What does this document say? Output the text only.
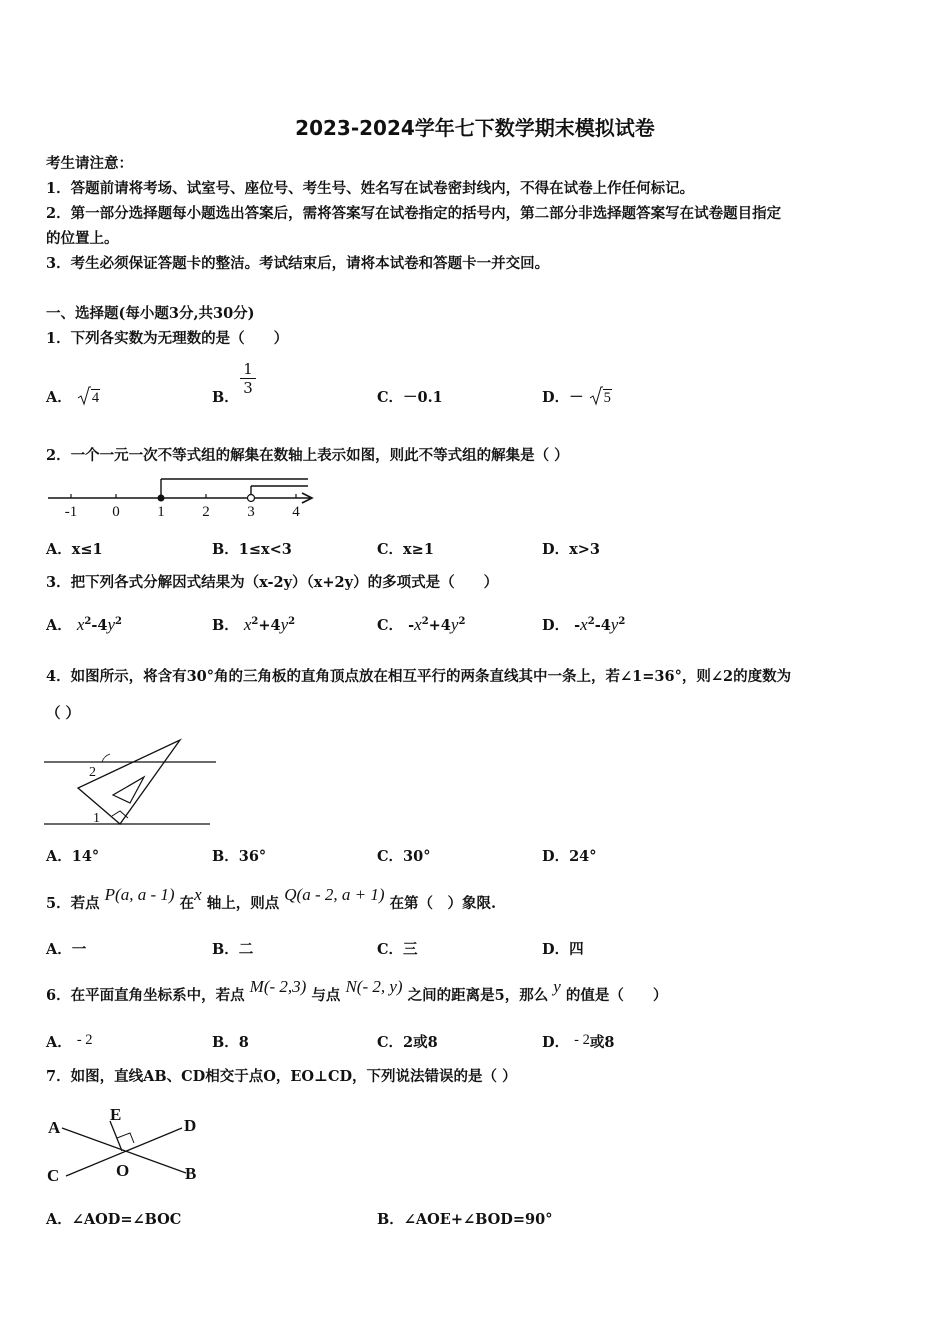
2023-2024学年七下数学期末模拟试卷
考生请注意：
1．答题前请将考场、试室号、座位号、考生号、姓名写在试卷密封线内，不得在试卷上作任何标记。
2．第一部分选择题每小题选出答案后，需将答案写在试卷指定的括号内，第二部分非选择题答案写在试卷题目指定
的位置上。
3．考生必须保证答题卡的整洁。考试结束后，请将本试卷和答题卡一并交回。
一、选择题(每小题3分,共30分)
1．下列各实数为无理数的是（　　）
A． 4	B．
$\frac{1}{3}$
C．－0.1	D．－ 5
2．一个一元一次不等式组的解集在数轴上表示如图，则此不等式组的解集是（ ）
-1 0	1	2	3	4
A．x≤1	B．1≤x<3	C．x≥1	D．x>3
3．把下列各式分解因式结果为（x-2y）（x+2y）的多项式是（　　）
A． $x^2-4y^2$	B． $x^2+4y^2$	C． $-x^2+4y^2$	D． $-x^2-4y^2$
4．如图所示，将含有30°角的三角板的直角顶点放在相互平行的两条直线其中一条上，若∠1=36°，则∠2的度数为
（ ）
2
1
A．14°	B．36°	C．30°	D．24°
5．若点 P(a, a - 1) 在x 轴上，则点 Q(a - 2, a + 1) 在第（　）象限.
A．一	B．二	C．三	D．四
6．在平面直角坐标系中，若点 M(- 2,3) 与点 N(- 2, y) 之间的距离是5，那么 y 的值是（　　）
A． - 2	B．8	C．2或8	D． - 2或8
7．如图，直线AB、CD相交于点O，EO⊥CD，下列说法错误的是（ ）
A	D
E
C	O	B
A．∠AOD=∠BOC	B．∠AOE+∠BOD=90°
